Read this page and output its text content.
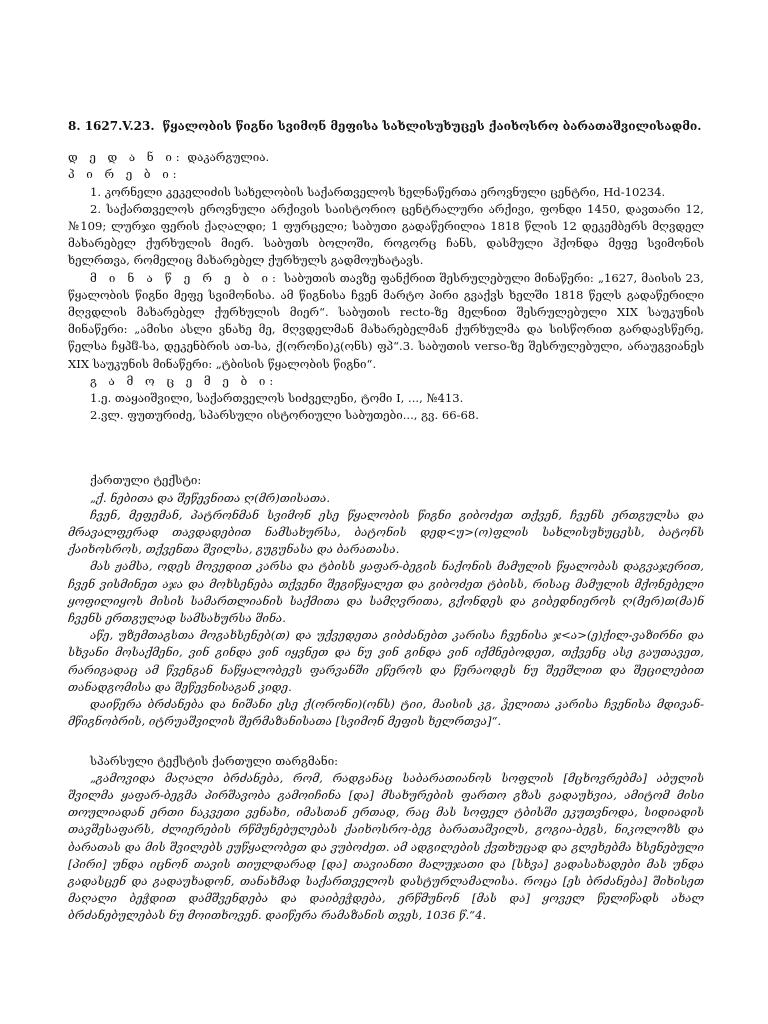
8. 1627.V.23. წყალობის წიგნი სვიმონ მეფისა სახლისუხუცეს ქაიხოსრო ბარათაშვილისადმი.

დ ე დ ა ნ ი: დაკარგულია.

პ ი რ ე ბ ი:

1. კორნელი კეკელიძის სახელობის საქართველოს ხელნაწერთა ეროვნული ცენტრი, Hd-10234.

2. საქართველოს ეროვნული არქივის საისტორიო ცენტრალური არქივი, ფონდი 1450, დავთარი 12, №109; ლურჯი ფერის ქაღალდი; 1 ფურცელი; საბუთი გადაწერილია 1818 წლის 12 დეკემბერს მღვდელ მახარებელ ქურხულის მიერ. საბუთს ბოლოში, როგორც ჩანს, დასმული ჰქონდა მეფე სვიმონის ხელრთვა, რომელიც მახარებელ ქურხულს გადმოუხატავს.

მ ი ნ ა წ ე რ ე ბ ი: საბუთის თავზე ფანქრით შესრულებული მინაწერი: „1627, მაისის 23, წყალობის წიგნი მეფე სვიმონისა. ამ წიგნისა ჩვენ მარტო პირი გვაქვს ხელში 1818 წელს გადაწერილი მღვდლის მახარებელ ქურხულის მიერ“. საბუთის recto-ზე მელნით შესრულებული XIX საუკუნის მინაწერი: „ამისი ასლი ვნახე მე, მღვდელმან მახარებელმან ქურხულმა და სისწორით გარდავსწერე, წელსა ჩყპჱ-სა, დეკენბრის ათ-სა, ქ(ორონი)კ(ონს) ფპ“.3. საბუთის verso-ზე შესრულებული, არაუგვიანეს XIX საუკუნის მინაწერი: „ტბისის წყალობის წიგნი“.

გ ა მ ო ც ე მ ე ბ ი:

1.ე. თაყაიშვილი, საქართველოს სიძველენი, ტომი I, ..., №413.

2.ვლ. ფუთურიძე, სპარსული ისტორიული საბუთები..., გვ. 66-68.

ქართული ტექსტი:

„ქ. ნებითა და შეწევნითა ღ(მრ)თისათა.

ჩვენ, მეფემან, პატრონმან სვიმონ ესე წყალობის წიგნი გიბოძეთ თქვენ, ჩვენს ერთგულსა და მრავალფერად თავდადებით ნამსახურსა, ბატონის დედ<უ>(ო)ფლის სახლისუხუცესს, ბატონს ქაიხოსროს, თქვენთა შვილსა, გუგუნასა და ბარათასა.

მას ჟამსა, ოდეს მოვედით კარსა და ტბისს ყაფარ-ბეგის ნაქონის მამულის წყალობას დაგვაჯერით, ჩვენ ვისმინეთ აჯა და მოხსენება თქვენი შეგიწყალეთ და გიბოძეთ ტბისს, რისაც მამულის მქონებელი ყოფილიყოს მისის სამართლიანის საქმითა და სამღვრითა, გქონდეს და გიბედნიეროს ღ(მერ)თ(მა)ნ ჩვენს ერთგულად სამსახურსა შინა.

აწე, უზემთაგსთა მოგახსენებ(თ) და უქვედეთა გიბძანებთ კარისა ჩვენისა ჯ<ა>(ე)ქილ-ვაზირნი და სხვანი მოსაქმენი, ვინ გინდა ვინ იყვნეთ და ნუ ვინ გინდა ვინ იქმნებოდეთ, თქვენც ასე გაუთავეთ, რარიგადაც ამ წვენგან ნაწყალობევს ფარვანში ეწეროს და წერაოდეს ნუ შეეშლით და შეცილებით თანადგომისა და შეწევნისაგან კიდე.

დაიწერა ბრძანება და ნიშანი ესე ქ(ორონი)(ონს) ტიი, მაისის კგ, ჴელითა კარისა ჩვენისა მდივან-მწიგნობრის, იტრუაშვილის შერმაზანისათა [სვიმონ მეფის ხელრთვა]“.

სპარსული ტექსტის ქართული თარგმანი:

„გამოვიდა მაღალი ბრძანება, რომ, რადგანაც საბარათიანოს სოფლის [მცხოვრებმა] აბულის შვილმა ყაფარ-ბეგმა პირშავობა გამოიჩინა [და] მსახურების ფართო გზას გადაუხვია, ამიტომ მისი თოულიადან ერთი ნაკვეთი ვენახი, იმასთან ერთად, რაც მას სოფელ ტბისში ეკუთვნოდა, სიდიადის თავშესაფარს, ძლიერების რწმუნებულებას ქაიხოსრო-ბეგ ბარათაშვილს, გოგია-ბეგს, ნიკოლოზს და ბარათას და მის შვილებს ეუწყალობეთ და ვუბოძეთ. ამ ადგილების ქვთხუცად და გლეხებმა ხსენებული [პირი] უნდა იცნონ თავის თიულდარად [და] თავიანთი მალუჯათი და [სხვა] გადასახადები მას უნდა გადასცენ და გადაუხადონ, თანახმად საქართველოს დასტურლამალისა. როცა [ეს ბრძანება] შიხისეთ მაღალი ბეჭდით დამშვენდება და დაიბეჭდება, ერწმუნონ [მას და] ყოველ წელიწადს ახალ ბრძანებულებას ნუ მოითხოვენ. დაიწერა რამაზანის თვეს, 1036 წ.“4.
